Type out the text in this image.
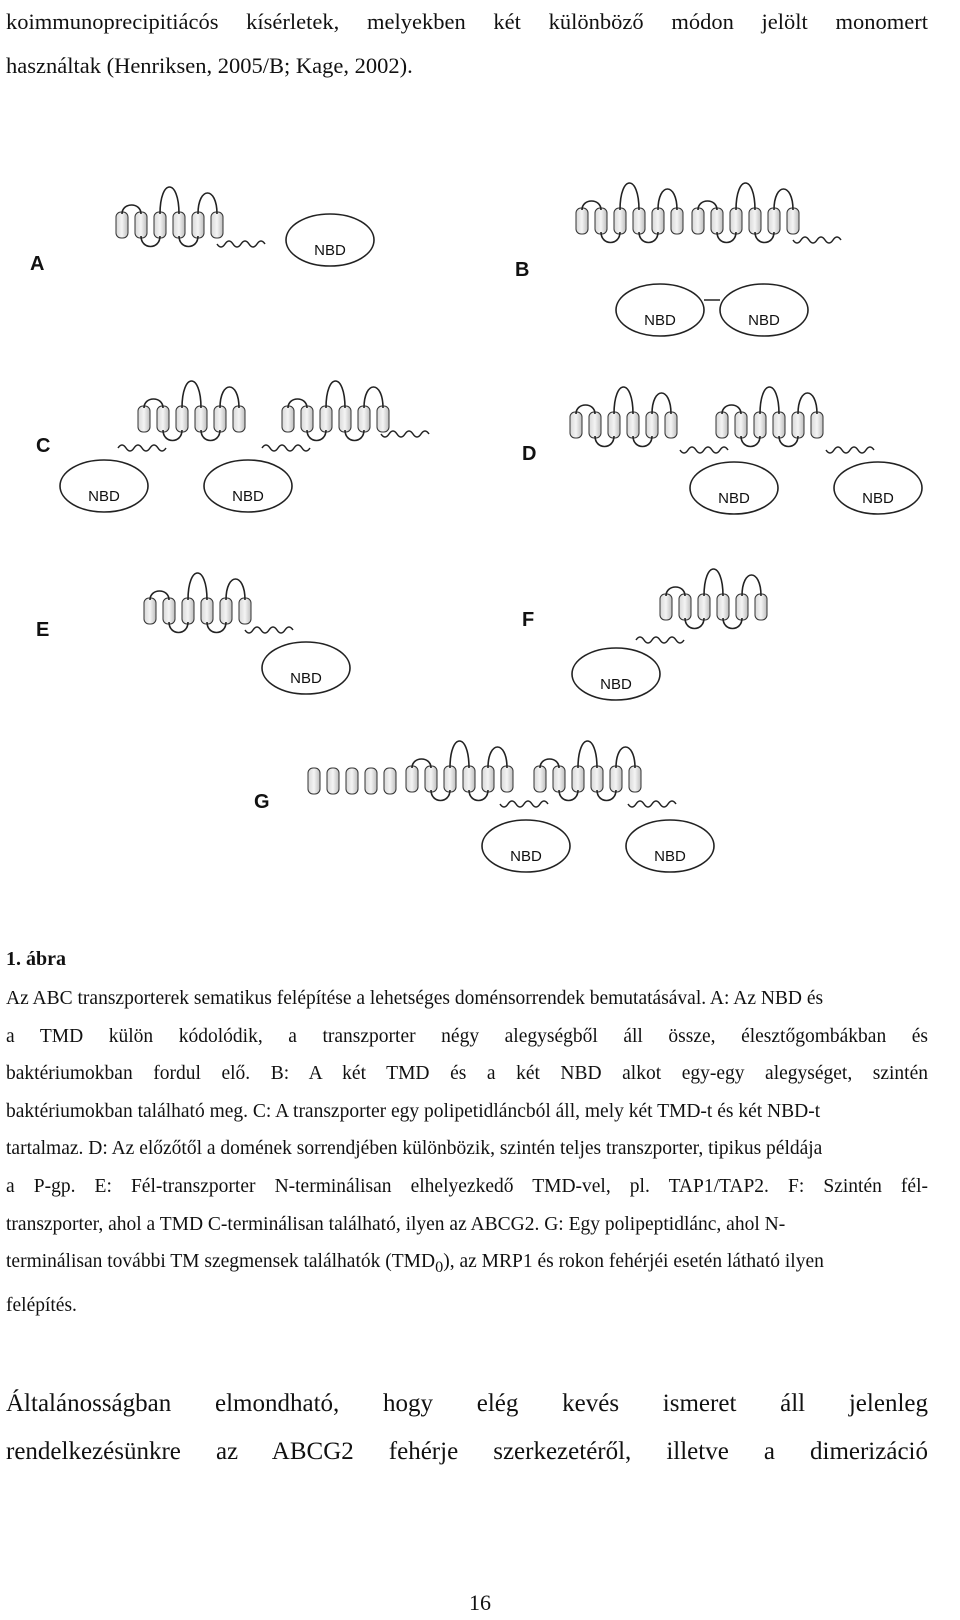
koimmunoprecipitiácós kísérletek, melyekben két különböző módon jelölt monomert
használtak (Henriksen, 2005/B; Kage, 2002).
A
NBD
B
NBD	NBD
C
NBD	NBD
D
NBD	NBD
E
NBD
F
NBD
G
NBD	NBD
1. ábra
Az ABC transzporterek sematikus felépítése a lehetséges doménsorrendek bemutatásával. A: Az NBD és
a TMD külön kódolódik, a transzporter négy alegységből áll össze, élesztőgombákban és
baktériumokban fordul elő. B: A két TMD és a két NBD alkot egy-egy alegységet, szintén
baktériumokban található meg. C: A transzporter egy polipetidláncból áll, mely két TMD-t és két NBD-t
tartalmaz. D: Az előzőtől a domének sorrendjében különbözik, szintén teljes transzporter, tipikus példája
a P-gp. E: Fél-transzporter N-terminálisan elhelyezkedő TMD-vel, pl. TAP1/TAP2. F: Szintén fél-
transzporter, ahol a TMD C-terminálisan található, ilyen az ABCG2. G: Egy polipeptidlánc, ahol N-
terminálisan további TM szegmensek találhatók $(TMD_0)$, az MRP1 és rokon fehérjéi esetén látható ilyen
felépítés.
Általánosságban elmondható, hogy elég kevés ismeret áll jelenleg
rendelkezésünkre az ABCG2 fehérje szerkezetéről, illetve a dimerizáció
16
